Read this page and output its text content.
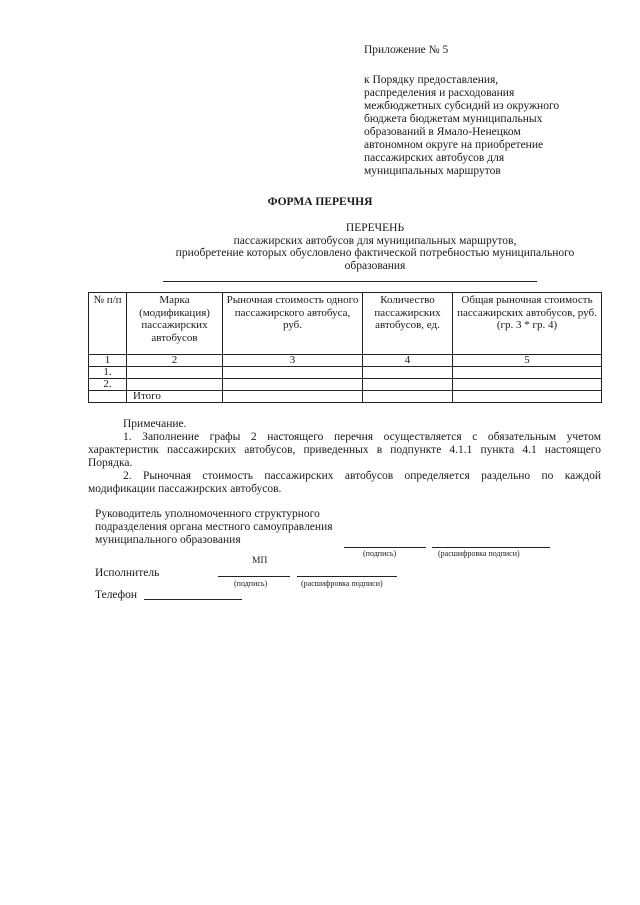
Приложение № 5
к Порядку предоставления,
распределения и расходования
межбюджетных субсидий из окружного
бюджета бюджетам муниципальных
образований в Ямало-Ненецком
автономном округе на приобретение
пассажирских автобусов для
муниципальных маршрутов
ФОРМА ПЕРЕЧНЯ
ПЕРЕЧЕНЬ
пассажирских автобусов для муниципальных маршрутов,
приобретение которых обусловлено фактической потребностью муниципального
образования
№ п/п	Марка (модификация) пассажирских автобусов	Рыночная стоимость одного пассажирского автобуса, руб.	Количество пассажирских автобусов, ед.	Общая рыночная стоимость пассажирских автобусов, руб. (гр. 3 * гр. 4)
1	2	3	4	5
1.				
2.				
	Итого			

Примечание.

1. Заполнение графы 2 настоящего перечня осуществляется с обязательным учетом характеристик пассажирских автобусов, приведенных в подпункте 4.1.1 пункта 4.1 настоящего Порядка.

2. Рыночная стоимость пассажирских автобусов определяется раздельно по каждой модификации пассажирских автобусов.

Руководитель уполномоченного структурного
подразделения органа местного самоуправления
муниципального образования
(подпись)	(расшифровка подписи)
МП
Исполнитель
(подпись)	(расшифровка подписи)
Телефон
